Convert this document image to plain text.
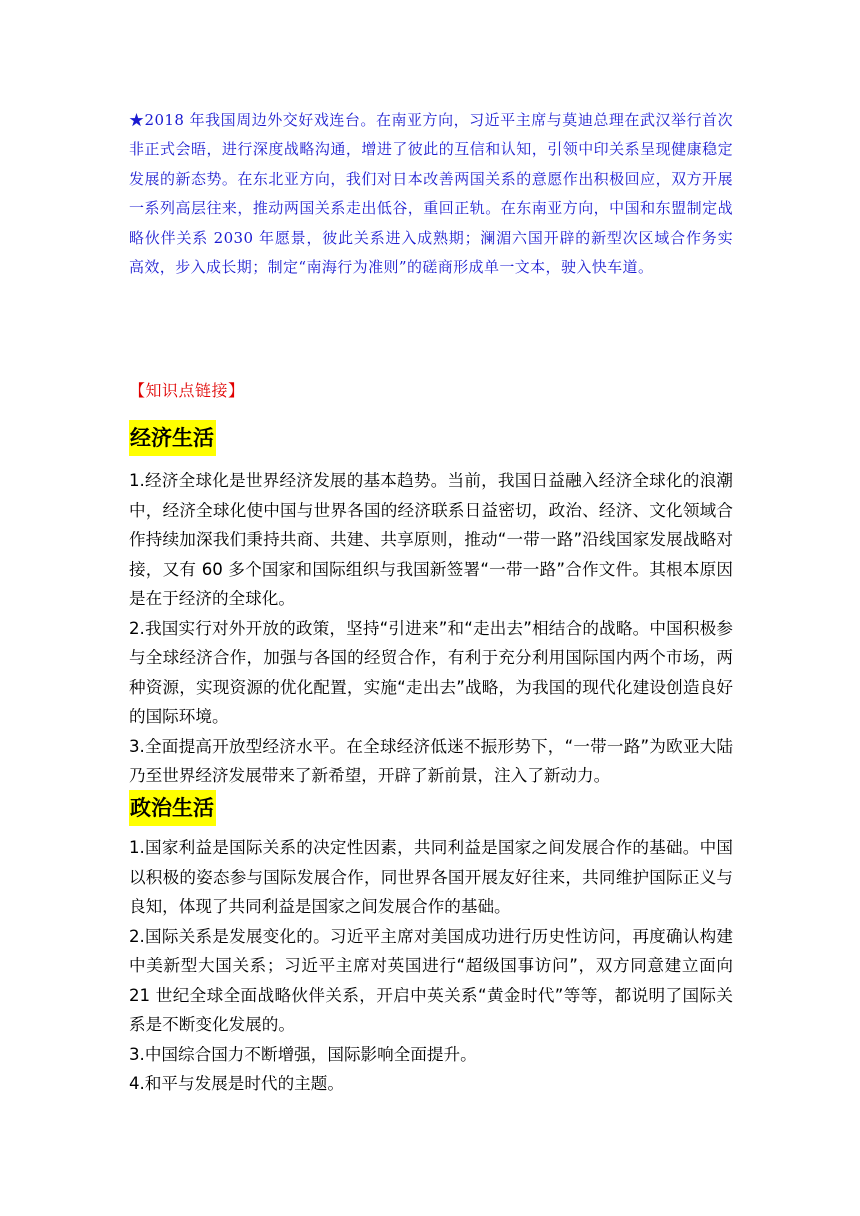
★2018 年我国周边外交好戏连台。在南亚方向，习近平主席与莫迪总理在武汉举行首次非正式会晤，进行深度战略沟通，增进了彼此的互信和认知，引领中印关系呈现健康稳定发展的新态势。在东北亚方向，我们对日本改善两国关系的意愿作出积极回应，双方开展一系列高层往来，推动两国关系走出低谷，重回正轨。在东南亚方向，中国和东盟制定战略伙伴关系 2030 年愿景，彼此关系进入成熟期；澜湄六国开辟的新型次区域合作务实高效，步入成长期；制定“南海行为准则”的磋商形成单一文本，驶入快车道。

【知识点链接】

经济生活

1.经济全球化是世界经济发展的基本趋势。当前，我国日益融入经济全球化的浪潮中，经济全球化使中国与世界各国的经济联系日益密切，政治、经济、文化领域合作持续加深我们秉持共商、共建、共享原则，推动“一带一路”沿线国家发展战略对接，又有 60 多个国家和国际组织与我国新签署“一带一路”合作文件。其根本原因是在于经济的全球化。

2.我国实行对外开放的政策，坚持“引进来”和“走出去”相结合的战略。中国积极参与全球经济合作，加强与各国的经贸合作，有利于充分利用国际国内两个市场，两种资源，实现资源的优化配置，实施“走出去”战略，为我国的现代化建设创造良好的国际环境。

3.全面提高开放型经济水平。在全球经济低迷不振形势下，“一带一路”为欧亚大陆乃至世界经济发展带来了新希望，开辟了新前景，注入了新动力。

政治生活

1.国家利益是国际关系的决定性因素，共同利益是国家之间发展合作的基础。中国以积极的姿态参与国际发展合作，同世界各国开展友好往来，共同维护国际正义与良知，体现了共同利益是国家之间发展合作的基础。

2.国际关系是发展变化的。习近平主席对美国成功进行历史性访问，再度确认构建中美新型大国关系；习近平主席对英国进行“超级国事访问”，双方同意建立面向 21 世纪全球全面战略伙伴关系，开启中英关系“黄金时代”等等，都说明了国际关系是不断变化发展的。

3.中国综合国力不断增强，国际影响全面提升。

4.和平与发展是时代的主题。
